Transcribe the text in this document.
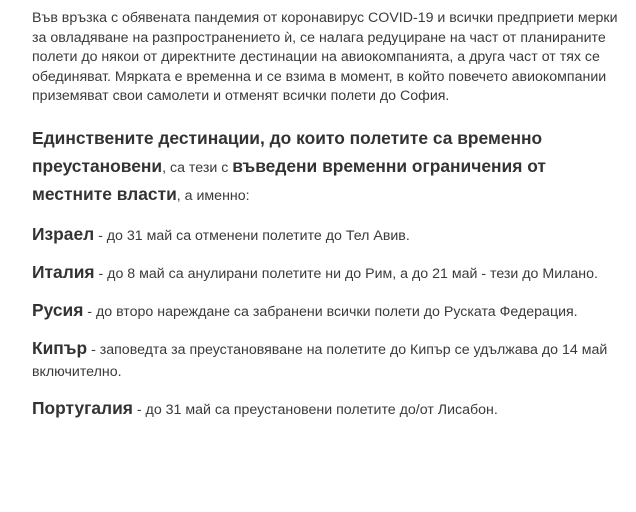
Във връзка с обявената пандемия от коронавирус COVID-19 и всички предприети мерки за овладяване на разпространението ѝ, се налага редуциране на част от планираните полети до някои от директните дестинации на авиокомпанията, а друга част от тях се обединяват. Мярката е временна и се взима в момент, в който повечето авиокомпании приземяват свои самолети и отменят всички полети до София.

Единствените дестинации, до които полетите са временно преустановени, са тези с въведени временни ограничения от местните власти, а именно:

Израел - до 31 май са отменени полетите до Тел Авив.

Италия - до 8 май са анулирани полетите ни до Рим, а до 21 май - тези до Милано.

Русия - до второ нареждане са забранени всички полети до Руската Федерация.

Кипър - заповедта за преустановяване на полетите до Кипър се удължава до 14 май включително.

Португалия - до 31 май са преустановени полетите до/от Лисабон.
